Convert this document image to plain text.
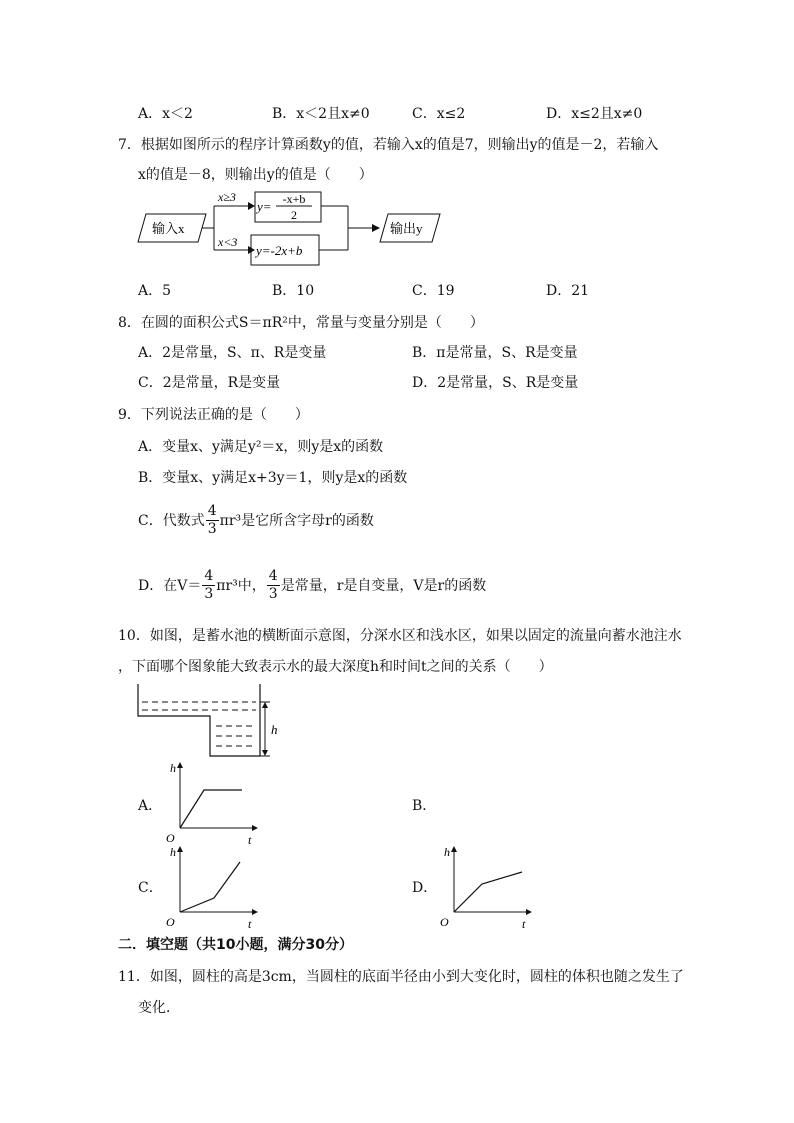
A．x＜2	B．x＜2且x≠0	C．x≤2	D．x≤2且x≠0
7．根据如图所示的程序计算函数y的值，若输入x的值是7，则输出y的值是－2，若输入
x的值是－8，则输出y的值是（　　）
输入x
x≥3
x<3
y= -x+b
2
y=-2x+b
输出y
A．5	B．10	C．19	D．21
8．在圆的面积公式S＝πR²中，常量与变量分别是（　　）
A．2是常量，S、π、R是变量	B．π是常量，S、R是变量
C．2是常量，R是变量	D．2是常量，S、R是变量
9．下列说法正确的是（　　）
A．变量x、y满足y²＝x，则y是x的函数
B．变量x、y满足x+3y＝1，则y是x的函数
C．代数式 $\frac{4}{3} \pi r^3$是它所含字母r的函数
D．在$V= \frac{4}{3} \pi r^3$中， $\frac{4}{3}$ 是常量，r是自变量，V是r的函数
10．如图，是蓄水池的横断面示意图，分深水区和浅水区，如果以固定的流量向蓄水池注水
，下面哪个图象能大致表示水的最大深度h和时间t之间的关系（　　）
h
A．
h
t
O
B．
C．
h
t
O
D．
h
t
O
二．填空题（共10小题，满分30分）
11．如图，圆柱的高是3cm，当圆柱的底面半径由小到大变化时，圆柱的体积也随之发生了
变化．
